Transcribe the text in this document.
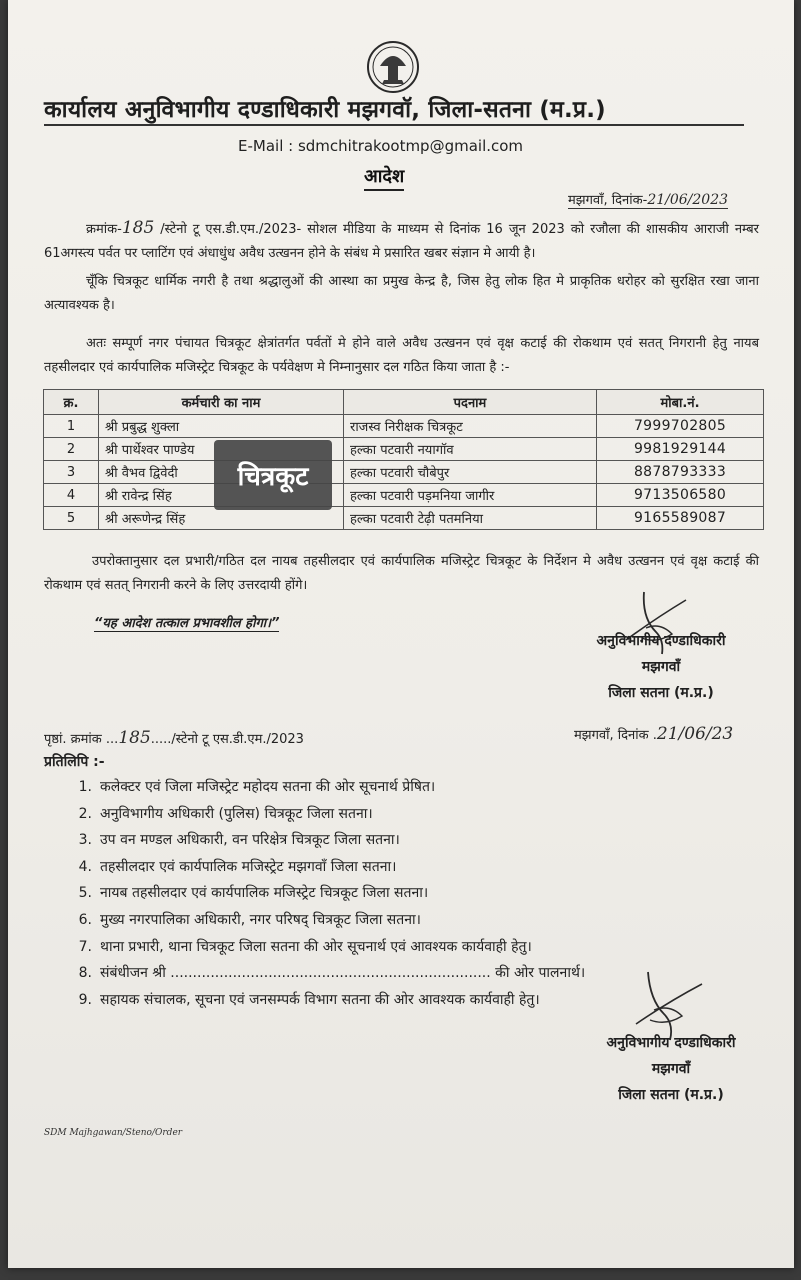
कार्यालय अनुविभागीय दण्डाधिकारी मझगवॉ, जिला-सतना (म.प्र.)
E-Mail : sdmchitrakootmp@gmail.com
आदेश
मझगवॉं, दिनांक-21/06/2023

क्रमांक-185 /स्टेनो टू एस.डी.एम./2023- सोशल मीडिया के माध्यम से दिनांक 16 जून 2023 को रजौला की शासकीय आराजी नम्बर 61अगस्त्य पर्वत पर प्लाटिंग एवं अंधाधुंध अवैध उत्खनन होने के संबंध मे प्रसारित खबर संज्ञान मे आयी है।

चूँकि चित्रकूट धार्मिक नगरी है तथा श्रद्धालुओं की आस्था का प्रमुख केन्द्र है, जिस हेतु लोक हित मे प्राकृतिक धरोहर को सुरक्षित रखा जाना अत्यावश्यक है।

अतः सम्पूर्ण नगर पंचायत चित्रकूट क्षेत्रांतर्गत पर्वतों मे होने वाले अवैध उत्खनन एवं वृक्ष कटाई की रोकथाम एवं सतत् निगरानी हेतु नायब तहसीलदार एवं कार्यपालिक मजिस्ट्रेट चित्रकूट के पर्यवेक्षण मे निम्नानुसार दल गठित किया जाता है :-

क्र.	कर्मचारी का नाम	पदनाम	मोबा.नं.
1	श्री प्रबुद्ध शुक्ला	राजस्व निरीक्षक चित्रकूट	7999702805
2	श्री पार्थेश्वर पाण्डेय	हल्का पटवारी नयागॉव	9981929144
3	श्री वैभव द्विवेदी	हल्का पटवारी चौबेपुर	8878793333
4	श्री रावेन्द्र सिंह	हल्का पटवारी पड़मनिया जागीर	9713506580
5	श्री अरूणेन्द्र सिंह	हल्का पटवारी टेढ़ी पतमनिया	9165589087
चित्रकूट

उपरोक्तानुसार दल प्रभारी/गठित दल नायब तहसीलदार एवं कार्यपालिक मजिस्ट्रेट चित्रकूट के निर्देशन मे अवैध उत्खनन एवं वृक्ष कटाई की रोकथाम एवं सतत् निगरानी करने के लिए उत्तरदायी होंगे।

“यह आदेश तत्काल प्रभावशील होगा।”
अनुविभागीय दण्डाधिकारी
मझगवॉं
जिला सतना (म.प्र.)
पृष्ठां. क्रमांक ...185...../स्टेनो टू एस.डी.एम./2023	मझगवॉं, दिनांक .21/06/23
प्रतिलिपि :-
1. कलेक्टर एवं जिला मजिस्ट्रेट महोदय सतना की ओर सूचनार्थ प्रेषित।
2. अनुविभागीय अधिकारी (पुलिस) चित्रकूट जिला सतना।
3. उप वन मण्डल अधिकारी, वन परिक्षेत्र चित्रकूट जिला सतना।
4. तहसीलदार एवं कार्यपालिक मजिस्ट्रेट मझगवॉं जिला सतना।
5. नायब तहसीलदार एवं कार्यपालिक मजिस्ट्रेट चित्रकूट जिला सतना।
6. मुख्य नगरपालिका अधिकारी, नगर परिषद् चित्रकूट जिला सतना।
7. थाना प्रभारी, थाना चित्रकूट जिला सतना की ओर सूचनार्थ एवं आवश्यक कार्यवाही हेतु।
8. संबंधीजन श्री ........................................................................ की ओर पालनार्थ।
9. सहायक संचालक, सूचना एवं जनसम्पर्क विभाग सतना की ओर आवश्यक कार्यवाही हेतु।
अनुविभागीय दण्डाधिकारी
मझगवॉं
जिला सतना (म.प्र.)
SDM Majhgawan/Steno/Order
